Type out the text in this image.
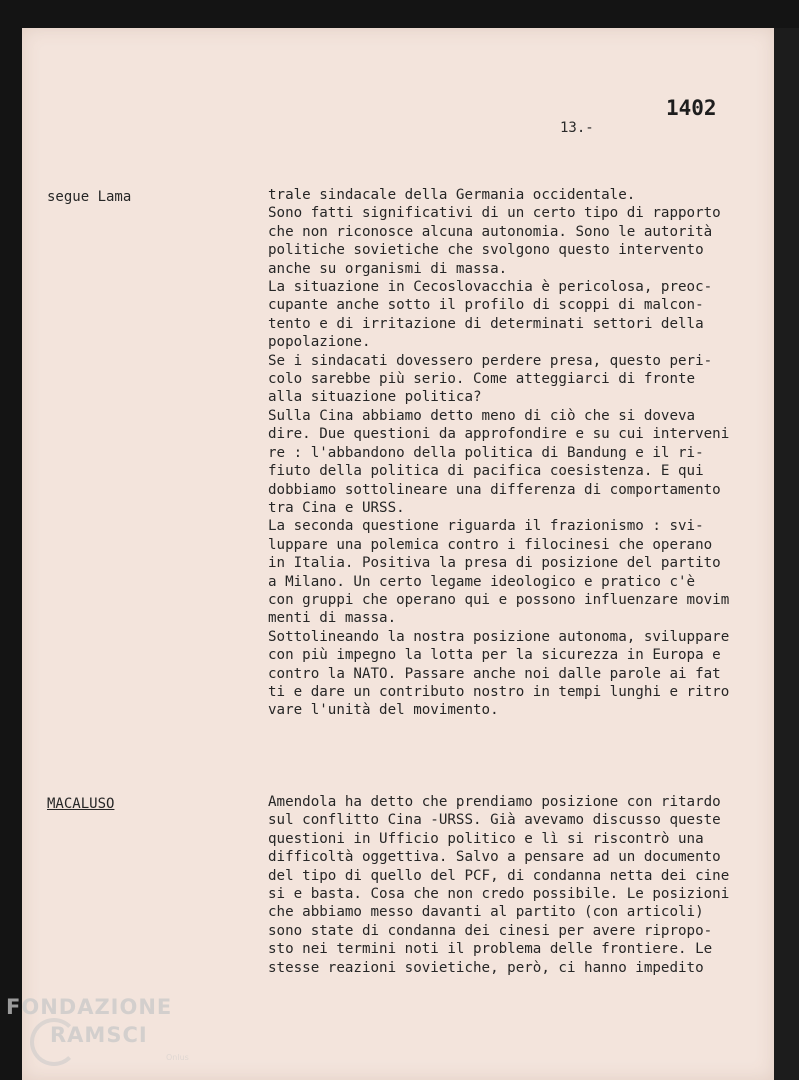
1402
13.-
segue Lama	trale sindacale della Germania occidentale.
Sono fatti significativi di un certo tipo di rapporto
che non riconosce alcuna autonomia. Sono le autorità
politiche sovietiche che svolgono questo intervento
anche su organismi di massa.
La situazione in Cecoslovacchia è pericolosa, preoc-
cupante anche sotto il profilo di scoppi di malcon-
tento e di irritazione di determinati settori della
popolazione.
Se i sindacati dovessero perdere presa, questo peri-
colo sarebbe più serio. Come atteggiarci di fronte
alla situazione politica?
Sulla Cina abbiamo detto meno di ciò che si doveva
dire. Due questioni da approfondire e su cui interveni
re : l'abbandono della politica di Bandung e il ri-
fiuto della politica di pacifica coesistenza. E qui
dobbiamo sottolineare una differenza di comportamento
tra Cina e URSS.
La seconda questione riguarda il frazionismo : svi-
luppare una polemica contro i filocinesi che operano
in Italia. Positiva la presa di posizione del partito
a Milano. Un certo legame ideologico e pratico c'è
con gruppi che operano qui e possono influenzare movim
menti di massa.
Sottolineando la nostra posizione autonoma, sviluppare
con più impegno la lotta per la sicurezza in Europa e
contro la NATO. Passare anche noi dalle parole ai fat
ti e dare un contributo nostro in tempi lunghi e ritro
vare l'unità del movimento.
MACALUSO	Amendola ha detto che prendiamo posizione con ritardo
sul conflitto Cina -URSS. Già avevamo discusso queste
questioni in Ufficio politico e lì si riscontrò una
difficoltà oggettiva. Salvo a pensare ad un documento
del tipo di quello del PCF, di condanna netta dei cine
si e basta. Cosa che non credo possibile. Le posizioni
che abbiamo messo davanti al partito (con articoli)
sono state di condanna dei cinesi per avere ripropo-
sto nei termini noti il problema delle frontiere. Le
stesse reazioni sovietiche, però, ci hanno impedito
FONDAZIONE
RAMSCI
Onlus
